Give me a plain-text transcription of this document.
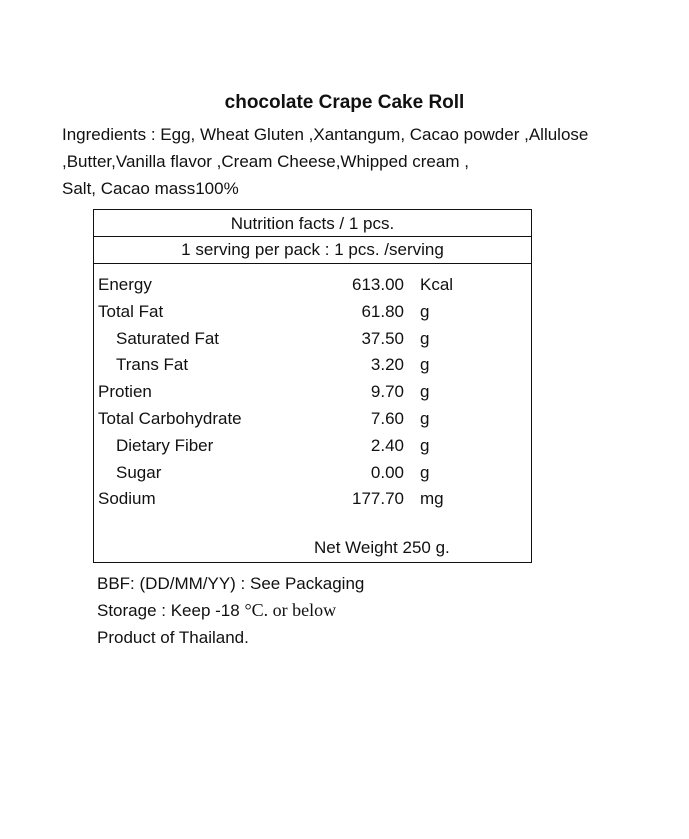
chocolate Crape Cake Roll
Ingredients : Egg, Wheat Gluten ,Xantangum, Cacao powder ,Allulose
,Butter,Vanilla flavor ,Cream Cheese,Whipped cream ,
Salt, Cacao mass100%
Nutrition facts / 1 pcs.
1 serving per pack : 1 pcs. /serving
Energy	613.00 Kcal
Total Fat	61.80 g
Saturated Fat	37.50 g
Trans Fat	3.20 g
Protien	9.70 g
Total Carbohydrate	7.60 g
Dietary Fiber	2.40 g
Sugar	0.00 g
Sodium	177.70 mg
Net Weight 250 g.
BBF: (DD/MM/YY) : See Packaging
Storage : Keep -18 °C. or below
Product of Thailand.
